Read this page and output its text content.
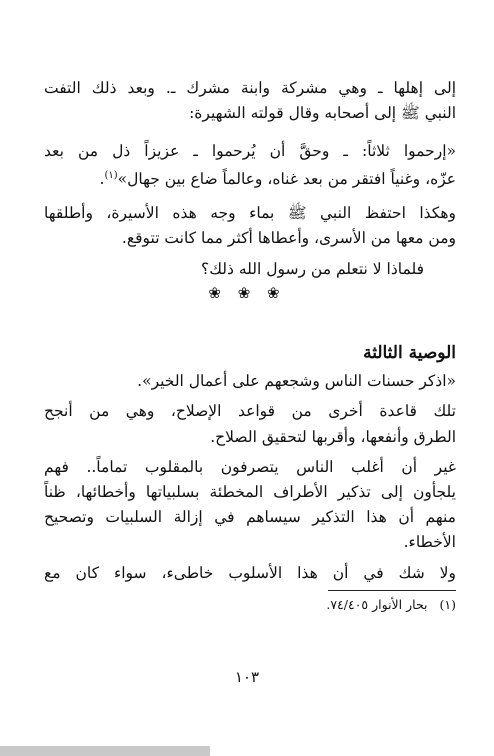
إلى إهلها ـ وهي مشركة وابنة مشرك ـ. وبعد ذلك التفت
النبي ﷺ إلى أصحابه وقال قولته الشهيرة:
«إرحموا ثلاثاً: ـ وحقَّ أن يُرحموا ـ عزيزاً ذل من بعد
عزّه، وغنياً افتقر من بعد غناه، وعالماً ضاع بين جهال»$^{(١)}$.
وهكذا احتفظ النبي ﷺ بماء وجه هذه الأسيرة، وأطلقها
ومن معها من الأسرى، وأعطاها أكثر مما كانت تتوقع.
فلماذا لا نتعلم من رسول الله ذلك؟
❀ ❀ ❀
الوصية الثالثة
«اذكر حسنات الناس وشجعهم على أعمال الخير».
تلك قاعدة أخرى من قواعد الإصلاح، وهي من أنجح
الطرق وأنفعها، وأقربها لتحقيق الصلاح.
غير أن أغلب الناس يتصرفون بالمقلوب تماماً.. فهم
يلجأون إلى تذكير الأطراف المخطئة بسلبياتها وأخطائها، ظناً
منهم أن هذا التذكير سيساهم في إزالة السلبيات وتصحيح
الأخطاء.
ولا شك في أن هذا الأسلوب خاطىء، سواء كان مع
(١) بحار الأنوار ٧٤/٤٠٥.
١٠٣
